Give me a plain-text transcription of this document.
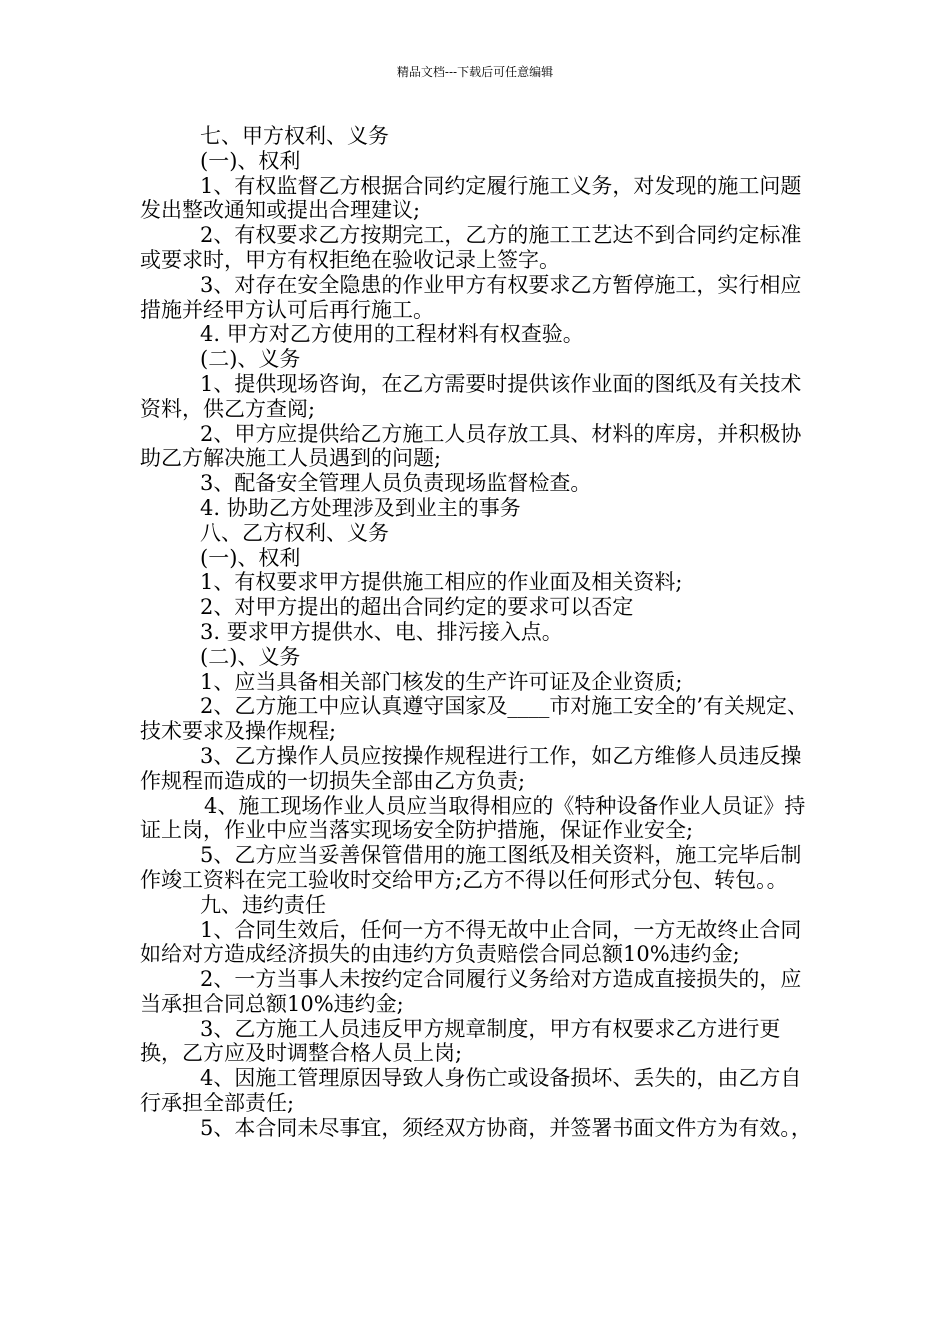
精品文档---下载后可任意编辑

七、甲方权利、义务

(一)、权利

1、有权监督乙方根据合同约定履行施工义务，对发现的施工问题发出整改通知或提出合理建议;

2、有权要求乙方按期完工，乙方的施工工艺达不到合同约定标准或要求时，甲方有权拒绝在验收记录上签字。

3、对存在安全隐患的作业甲方有权要求乙方暂停施工，实行相应措施并经甲方认可后再行施工。

4. 甲方对乙方使用的工程材料有权查验。

(二)、义务

1、提供现场咨询，在乙方需要时提供该作业面的图纸及有关技术资料，供乙方查阅;

2、甲方应提供给乙方施工人员存放工具、材料的库房，并积极协助乙方解决施工人员遇到的问题;

3、配备安全管理人员负责现场监督检查。

4. 协助乙方处理涉及到业主的事务

八、乙方权利、义务

(一)、权利

1、有权要求甲方提供施工相应的作业面及相关资料;

2、对甲方提出的超出合同约定的要求可以否定

3. 要求甲方提供水、电、排污接入点。

(二)、义务

1、应当具备相关部门核发的生产许可证及企业资质;

2、乙方施工中应认真遵守国家及____市对施工安全的’有关规定、技术要求及操作规程;

3、乙方操作人员应按操作规程进行工作，如乙方维修人员违反操作规程而造成的一切损失全部由乙方负责;

4、施工现场作业人员应当取得相应的《特种设备作业人员证》持证上岗，作业中应当落实现场安全防护措施，保证作业安全;

5、乙方应当妥善保管借用的施工图纸及相关资料，施工完毕后制作竣工资料在完工验收时交给甲方;乙方不得以任何形式分包、转包。。

九、违约责任

1、合同生效后，任何一方不得无故中止合同，一方无故终止合同如给对方造成经济损失的由违约方负责赔偿合同总额10%违约金;

2、一方当事人未按约定合同履行义务给对方造成直接损失的，应当承担合同总额10%违约金;

3、乙方施工人员违反甲方规章制度，甲方有权要求乙方进行更换，乙方应及时调整合格人员上岗;

4、因施工管理原因导致人身伤亡或设备损坏、丢失的，由乙方自行承担全部责任;

5、本合同未尽事宜，须经双方协商，并签署书面文件方为有效。，
